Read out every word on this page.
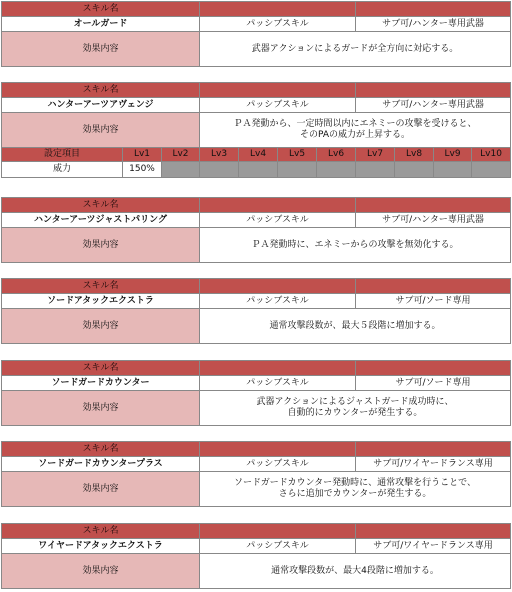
スキル名		
オールガード	パッシブスキル	サブ可/ハンター専用武器
効果内容	武器アクションによるガードが全方向に対応する。	
スキル名										
ハンターアーツアヴェンジ			パッシブスキル				サブ可/ハンター専用武器			
効果内容			ＰＡ発動から、一定時間以内にエネミーの攻撃を受けると、
そのPAの威力が上昇する。							

設定項目	Lv1	Lv2	Lv3	Lv4	Lv5	Lv6	Lv7	Lv8	Lv9	Lv10
威力	150%									
スキル名		
ハンターアーツジャストパリング	パッシブスキル	サブ可/ハンター専用武器
効果内容	ＰＡ発動時に、エネミーからの攻撃を無効化する。	
スキル名		
ソードアタックエクストラ	パッシブスキル	サブ可/ソード専用
効果内容	通常攻撃段数が、最大５段階に増加する。	
スキル名		
ソードガードカウンター	パッシブスキル	サブ可/ソード専用
効果内容	武器アクションによるジャストガード成功時に、
自動的にカウンターが発生する。	
スキル名		
ソードガードカウンタープラス	パッシブスキル	サブ可/ワイヤードランス専用
効果内容	ソードガードカウンター発動時に、通常攻撃を行うことで、
さらに追加でカウンターが発生する。	
スキル名		
ワイヤードアタックエクストラ	パッシブスキル	サブ可/ワイヤードランス専用
効果内容	通常攻撃段数が、最大4段階に増加する。	
